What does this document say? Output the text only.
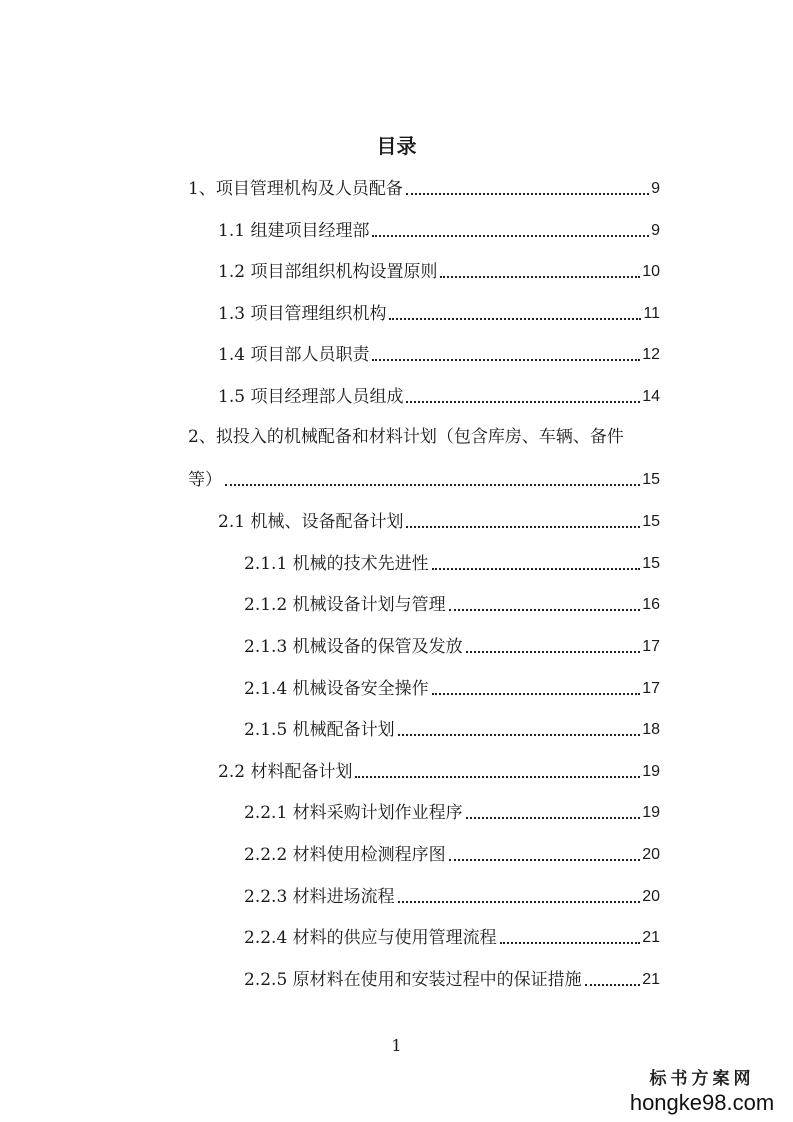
目录
1、项目管理机构及人员配备	9
1.1 组建项目经理部	9
1.2 项目部组织机构设置原则	10
1.3 项目管理组织机构	11
1.4 项目部人员职责	12
1.5 项目经理部人员组成	14
2、拟投入的机械配备和材料计划（包含库房、车辆、备件
等）	15
2.1 机械、设备配备计划	15
2.1.1 机械的技术先进性	15
2.1.2 机械设备计划与管理	16
2.1.3 机械设备的保管及发放	17
2.1.4 机械设备安全操作	17
2.1.5 机械配备计划	18
2.2 材料配备计划	19
2.2.1 材料采购计划作业程序	19
2.2.2 材料使用检测程序图	20
2.2.3 材料进场流程	20
2.2.4 材料的供应与使用管理流程	21
2.2.5 原材料在使用和安装过程中的保证措施	21
1
标书方案网
hongke98.com
